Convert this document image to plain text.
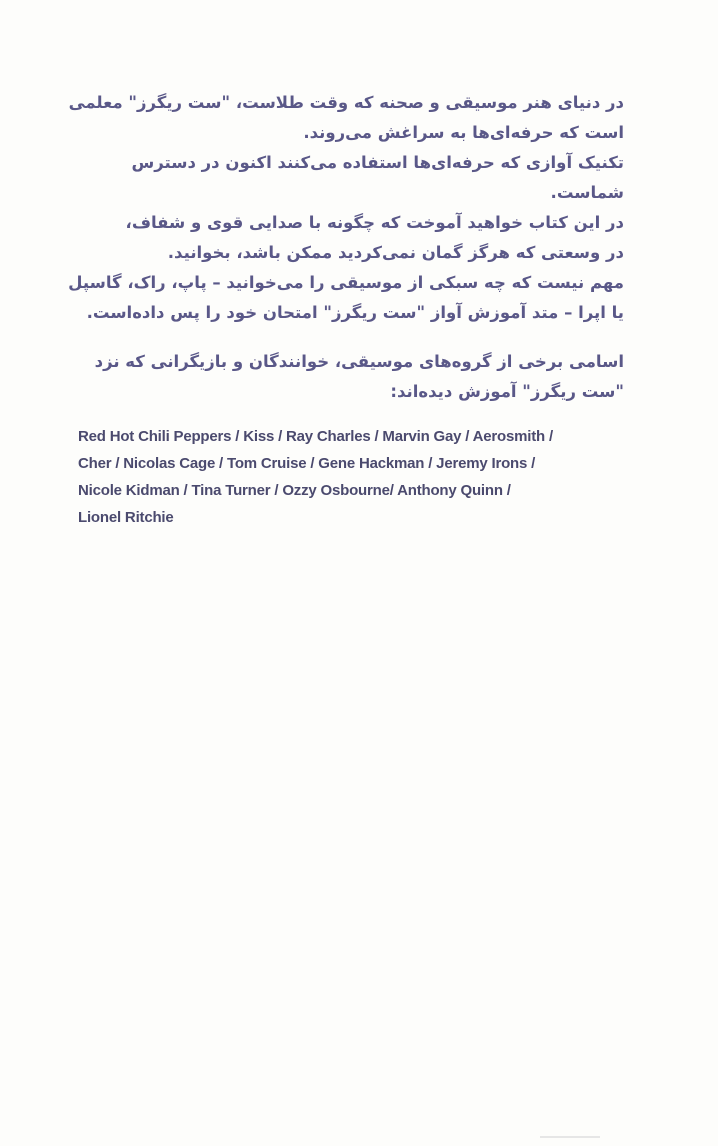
در دنیای هنر موسیقی و صحنه که وقت طلاست، "ست ریگرز" معلمی
است که حرفه‌ای‌ها به سراغش می‌روند.
تکنیک آوازی که حرفه‌ای‌ها استفاده می‌کنند اکنون در دسترس
شماست.
در این کتاب خواهید آموخت که چگونه با صدایی قوی و شفاف،
در وسعتی که هرگز گمان نمی‌کردید ممکن باشد، بخوانید.
مهم نیست که چه سبکی از موسیقی را می‌خوانید – پاپ، راک، گاسپل
یا اپرا – متد آموزش آواز "ست ریگرز" امتحان خود را پس داده‌است.
اسامی برخی از گروه‌های موسیقی، خوانندگان و بازیگرانی که نزد
"ست ریگرز" آموزش دیده‌اند:
Red Hot Chili Peppers / Kiss / Ray Charles / Marvin Gay / Aerosmith /
Cher / Nicolas Cage / Tom Cruise / Gene Hackman / Jeremy Irons /
Nicole Kidman / Tina Turner / Ozzy Osbourne/ Anthony Quinn /
Lionel Ritchie
